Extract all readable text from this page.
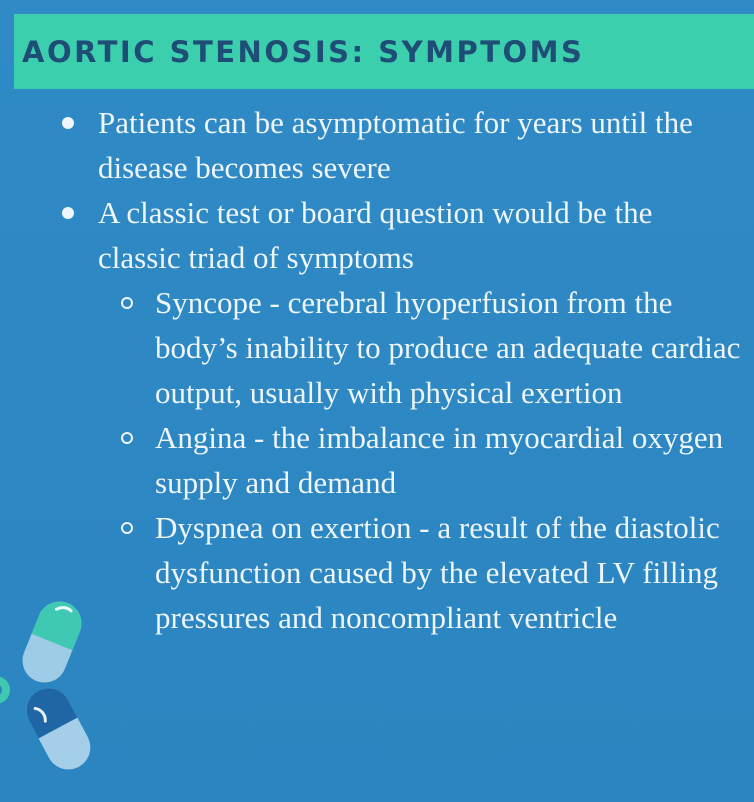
AORTIC STENOSIS: SYMPTOMS
Patients can be asymptomatic for years until the disease becomes severe
A classic test or board question would be the classic triad of symptoms
Syncope - cerebral hyoperfusion from the body’s inability to produce an adequate cardiac output, usually with physical exertion
Angina - the imbalance in myocardial oxygen supply and demand
Dyspnea on exertion - a result of the diastolic dysfunction caused by the elevated LV filling pressures and noncompliant ventricle
